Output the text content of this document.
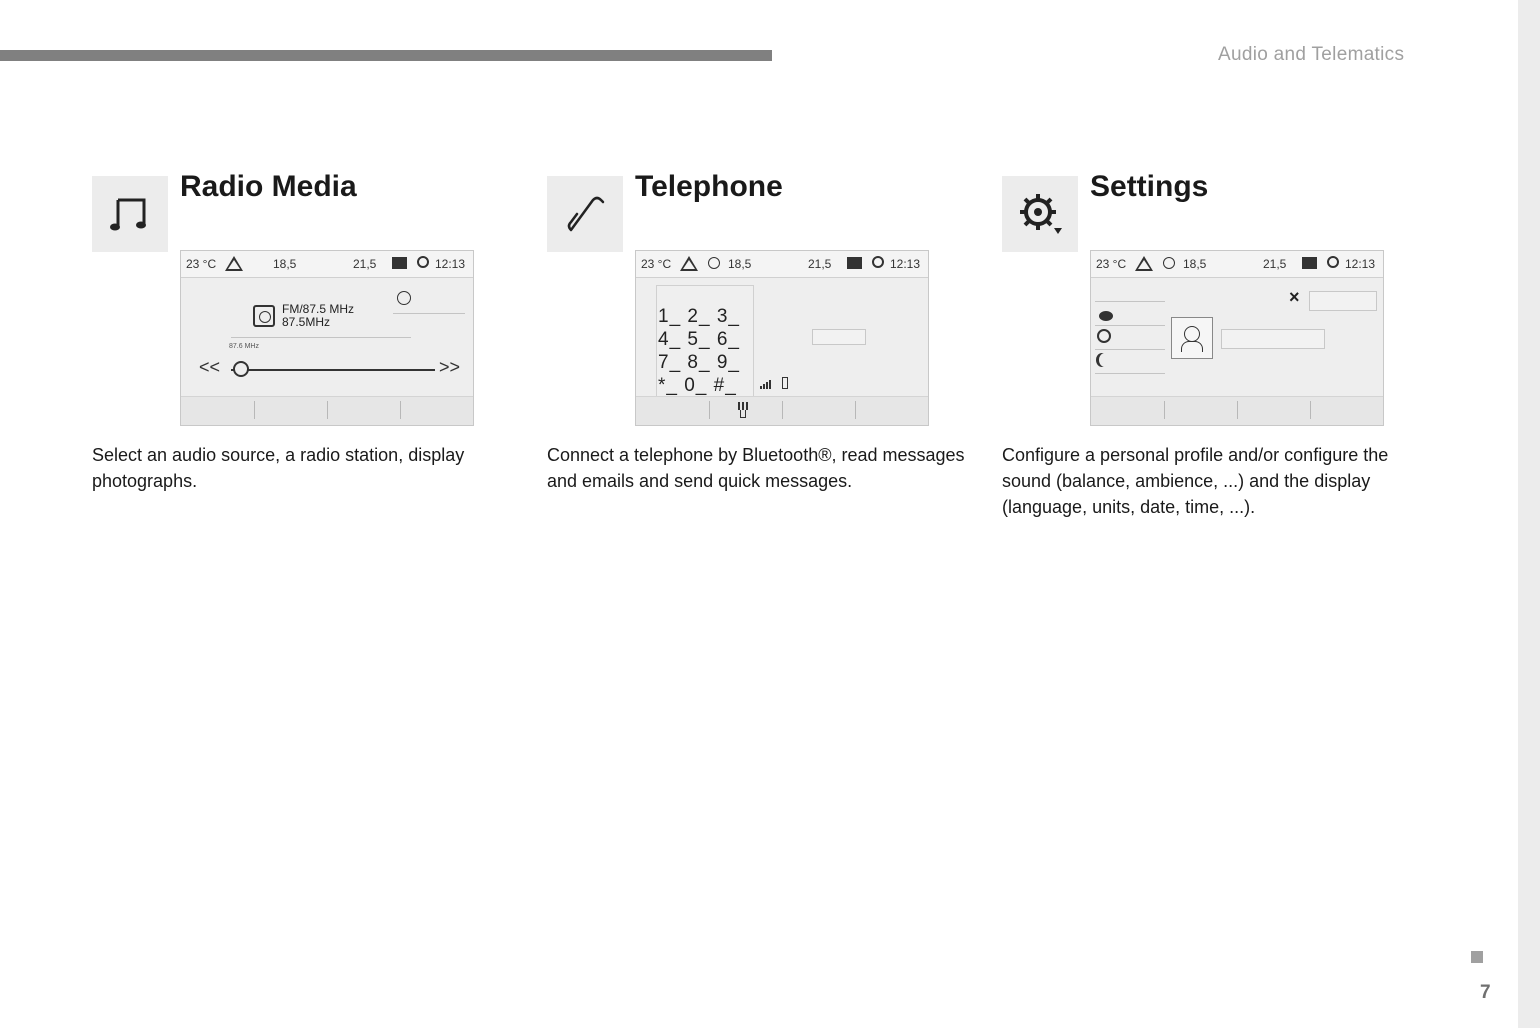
Audio and Telematics
7
Radio Media
23 °C	18,5	21,5	12:13
FM/87.5 MHz
87.5MHz
87.6 MHz
<<	>>
Select an audio source, a radio station, display photographs.
Telephone
23 °C	18,5	21,5	12:13
1_ 2_ 3_
4_ 5_ 6_
7_ 8_ 9_
*_ 0_ #_
Connect a telephone by Bluetooth®, read messages and emails and send quick messages.
Settings
23 °C	18,5	21,5	12:13
×
Configure a personal profile and/or configure the sound (balance, ambience, ...) and the display (language, units, date, time, ...).
